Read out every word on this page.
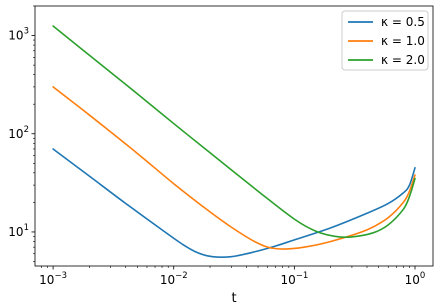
$10^{-3}$	$10^{-2}$	$10^{-1}$	$10^0$
$10^1$
$10^2$
$10^3$
t
κ = 0.5
κ = 1.0
κ = 2.0
